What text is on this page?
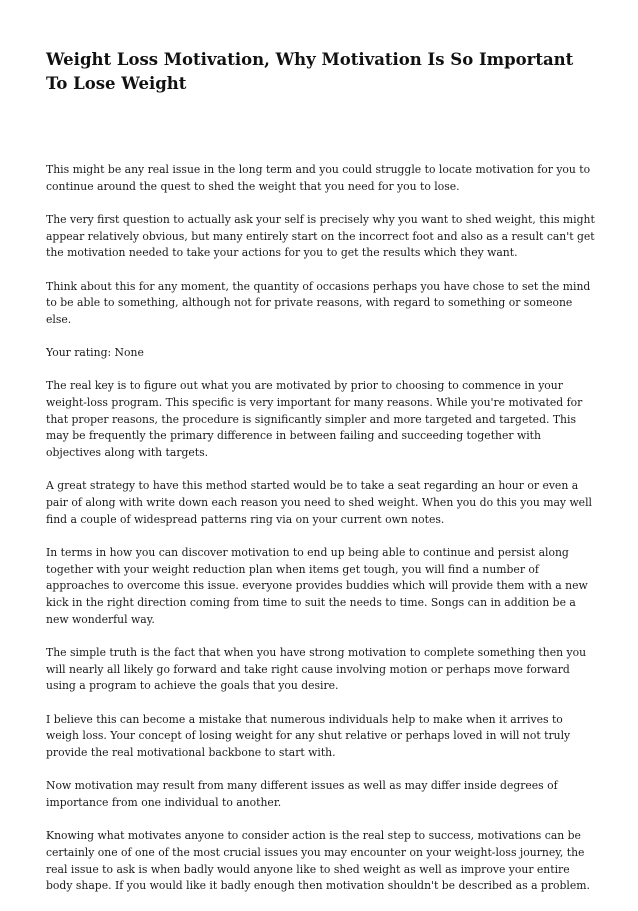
Weight Loss Motivation, Why Motivation Is So Important To Lose Weight

This might be any real issue in the long term and you could struggle to locate motivation for you to continue around the quest to shed the weight that you need for you to lose.

The very first question to actually ask your self is precisely why you want to shed weight, this might appear relatively obvious, but many entirely start on the incorrect foot and also as a result can't get the motivation needed to take your actions for you to get the results which they want.

Think about this for any moment, the quantity of occasions perhaps you have chose to set the mind to be able to something, although not for private reasons, with regard to something or someone else.

Your rating: None

The real key is to figure out what you are motivated by prior to choosing to commence in your weight-loss program. This specific is very important for many reasons. While you're motivated for that proper reasons, the procedure is significantly simpler and more targeted and targeted. This may be frequently the primary difference in between failing and succeeding together with objectives along with targets.

A great strategy to have this method started would be to take a seat regarding an hour or even a pair of along with write down each reason you need to shed weight. When you do this you may well find a couple of widespread patterns ring via on your current own notes.

In terms in how you can discover motivation to end up being able to continue and persist along together with your weight reduction plan when items get tough, you will find a number of approaches to overcome this issue. everyone provides buddies which will provide them with a new kick in the right direction coming from time to suit the needs to time. Songs can in addition be a new wonderful way.

The simple truth is the fact that when you have strong motivation to complete something then you will nearly all likely go forward and take right cause involving motion or perhaps move forward using a program to achieve the goals that you desire.

I believe this can become a mistake that numerous individuals help to make when it arrives to weigh loss. Your concept of losing weight for any shut relative or perhaps loved in will not truly provide the real motivational backbone to start with.

Now motivation may result from many different issues as well as may differ inside degrees of importance from one individual to another.

Knowing what motivates anyone to consider action is the real step to success, motivations can be certainly one of one of the most crucial issues you may encounter on your weight-loss journey, the real issue to ask is when badly would anyone like to shed weight as well as improve your entire body shape. If you would like it badly enough then motivation shouldn't be described as a problem.
